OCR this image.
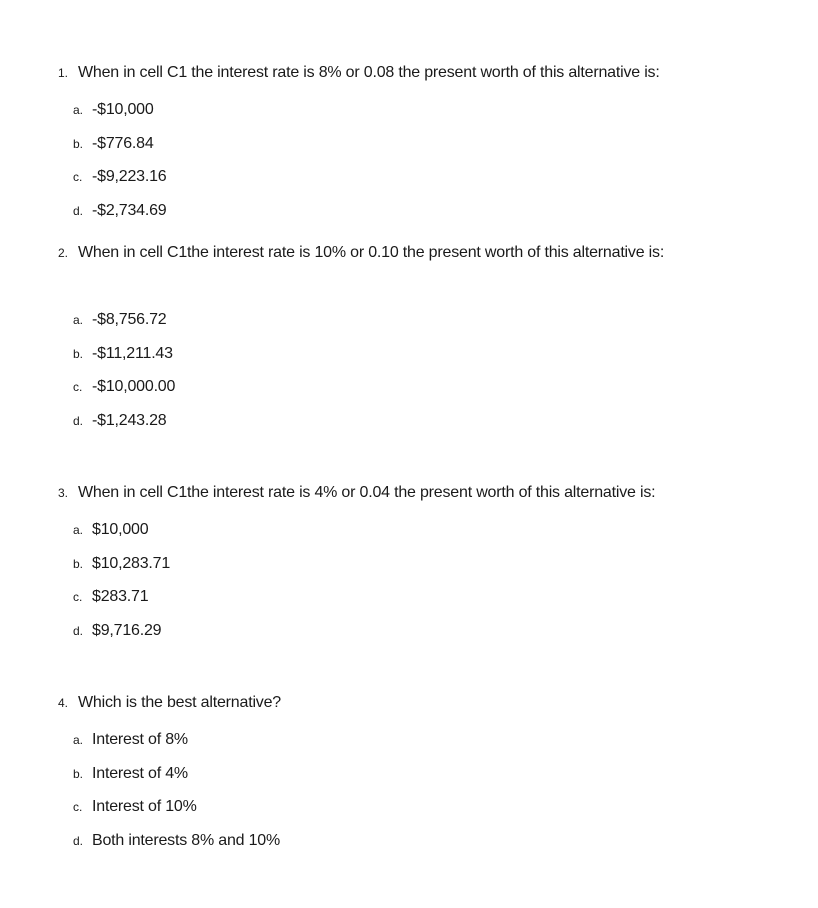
1. When in cell C1 the interest rate is 8% or 0.08 the present worth of this alternative is:
a. -$10,000
b. -$776.84
c. -$9,223.16
d. -$2,734.69
2. When in cell C1the interest rate is 10% or 0.10 the present worth of this alternative is:
a. -$8,756.72
b. -$11,211.43
c. -$10,000.00
d. -$1,243.28
3. When in cell C1the interest rate is 4% or 0.04 the present worth of this alternative is:
a. $10,000
b. $10,283.71
c. $283.71
d. $9,716.29
4. Which is the best alternative?
a. Interest of 8%
b. Interest of 4%
c. Interest of 10%
d. Both interests 8% and 10%
